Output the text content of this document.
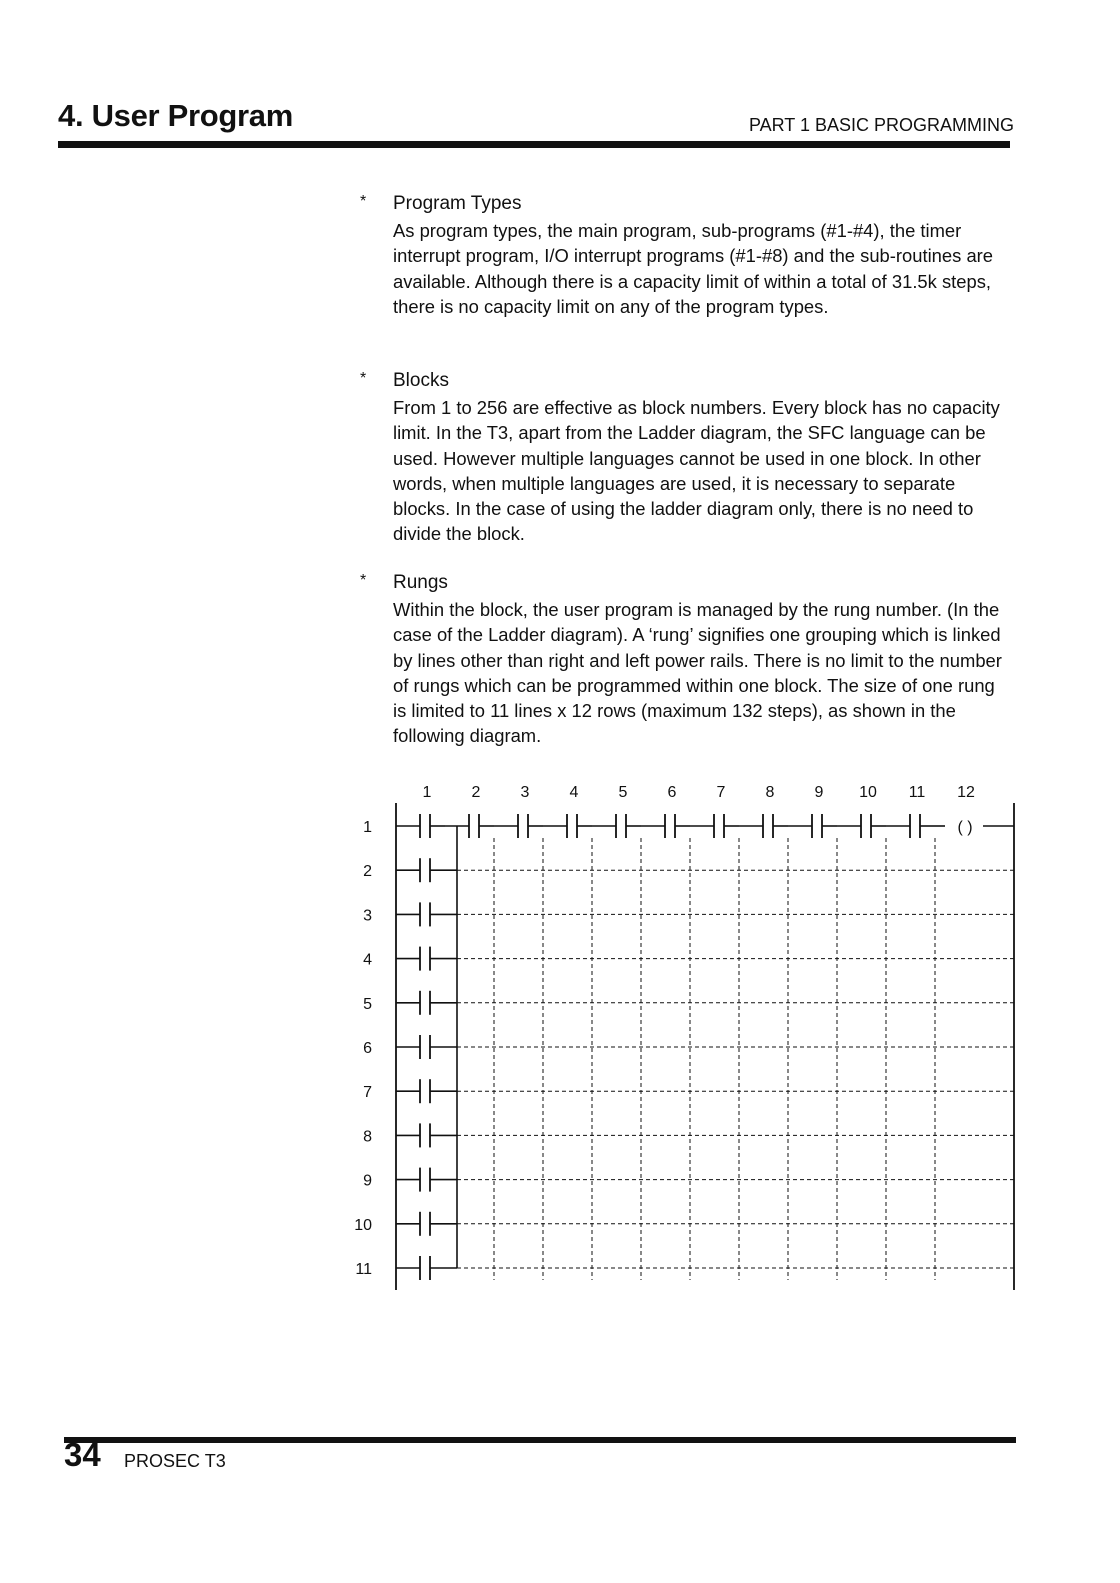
4. User Program	PART 1 BASIC PROGRAMMING
* Program Types
As program types, the main program, sub-programs (#1-#4), the timer interrupt program, I/O interrupt programs (#1-#8) and the sub-routines are available. Although there is a capacity limit of within a total of 31.5k steps, there is no capacity limit on any of the program types.
* Blocks
From 1 to 256 are effective as block numbers. Every block has no capacity limit. In the T3, apart from the Ladder diagram, the SFC language can be used. However multiple languages cannot be used in one block. In other words, when multiple languages are used, it is necessary to separate blocks. In the case of using the ladder diagram only, there is no need to divide the block.
* Rungs
Within the block, the user program is managed by the rung number. (In the case of the Ladder diagram). A ‘rung’ signifies one grouping which is linked by lines other than right and left power rails. There is no limit to the number of rungs which can be programmed within one block. The size of one rung is limited to 11 lines x 12 rows (maximum 132 steps), as shown in the following diagram.
1	2	3	4	5	6	7	8	9 10 11 12
1
2
3
4
5
6
7
8
9
10
11
( )
34 PROSEC T3
